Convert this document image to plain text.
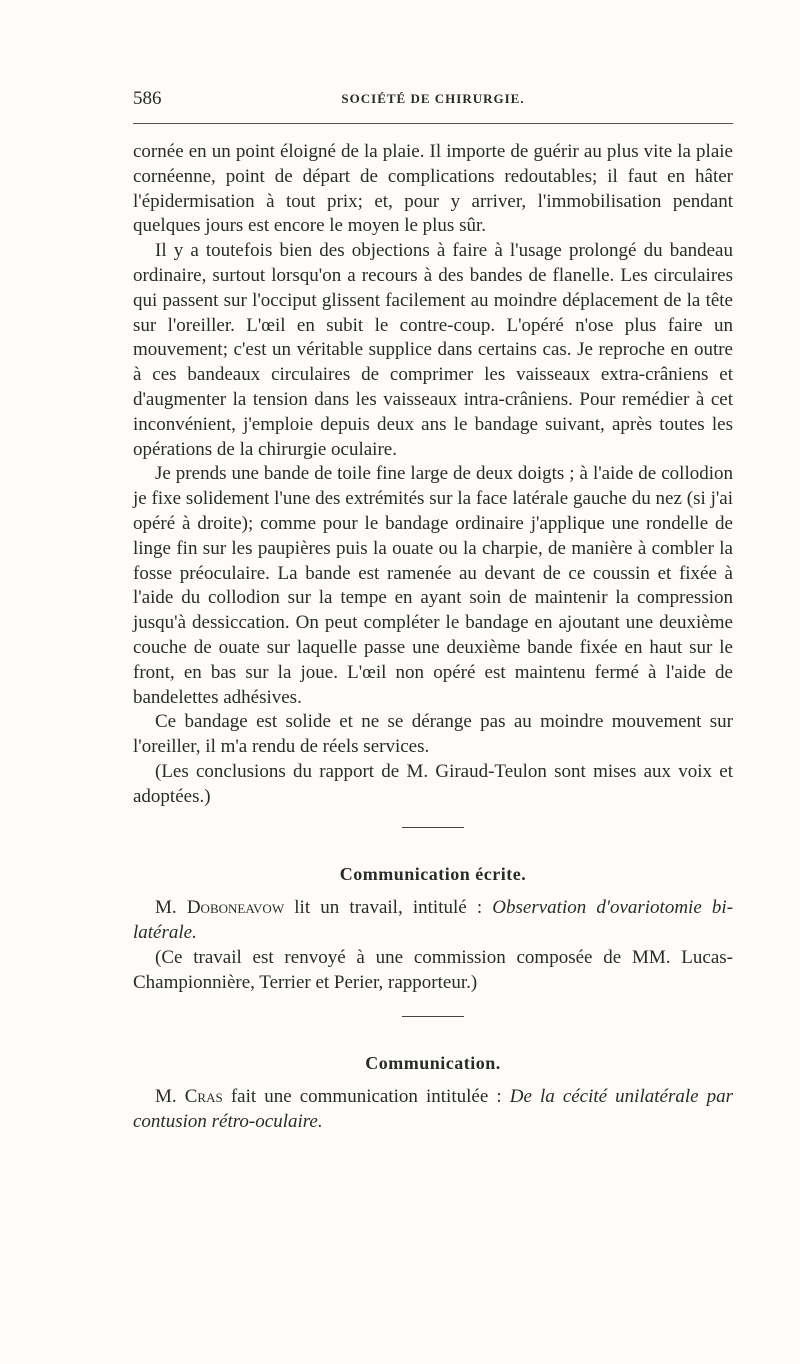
586	SOCIÉTÉ DE CHIRURGIE.

cornée en un point éloigné de la plaie. Il importe de guérir au plus vite la plaie cornéenne, point de départ de complications redoutables; il faut en hâter l'épidermisation à tout prix; et, pour y arriver, l'immobilisation pendant quelques jours est encore le moyen le plus sûr.

Il y a toutefois bien des objections à faire à l'usage prolongé du bandeau ordinaire, surtout lorsqu'on a recours à des bandes de flanelle. Les circulaires qui passent sur l'occiput glissent facilement au moindre déplacement de la tête sur l'oreiller. L'œil en subit le contre-coup. L'opéré n'ose plus faire un mouvement; c'est un véritable supplice dans certains cas. Je reproche en outre à ces bandeaux circulaires de comprimer les vaisseaux extra-crâniens et d'augmenter la tension dans les vaisseaux intra-crâniens. Pour remédier à cet inconvénient, j'emploie depuis deux ans le bandage suivant, après toutes les opérations de la chirurgie oculaire.

Je prends une bande de toile fine large de deux doigts ; à l'aide de collodion je fixe solidement l'une des extrémités sur la face latérale gauche du nez (si j'ai opéré à droite); comme pour le bandage ordinaire j'applique une rondelle de linge fin sur les paupières puis la ouate ou la charpie, de manière à combler la fosse préoculaire. La bande est ramenée au devant de ce coussin et fixée à l'aide du collodion sur la tempe en ayant soin de maintenir la compression jusqu'à dessiccation. On peut compléter le bandage en ajoutant une deuxième couche de ouate sur laquelle passe une deuxième bande fixée en haut sur le front, en bas sur la joue. L'œil non opéré est maintenu fermé à l'aide de bandelettes adhésives.

Ce bandage est solide et ne se dérange pas au moindre mouvement sur l'oreiller, il m'a rendu de réels services.

(Les conclusions du rapport de M. Giraud-Teulon sont mises aux voix et adoptées.)

Communication écrite.

M. Doboneavow lit un travail, intitulé : Observation d'ovariotomie bi-latérale.

(Ce travail est renvoyé à une commission composée de MM. Lucas-Championnière, Terrier et Perier, rapporteur.)

Communication.

M. Cras fait une communication intitulée : De la cécité unilatérale par contusion rétro-oculaire.
